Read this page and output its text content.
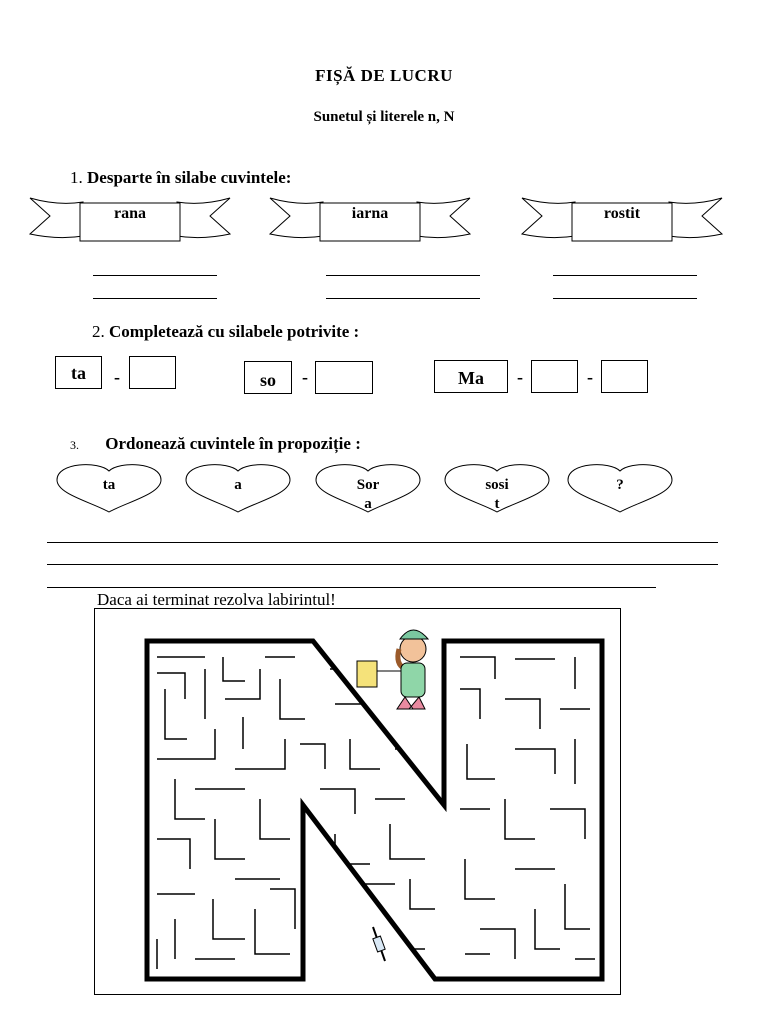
FIȘĂ DE LUCRU
Sunetul și literele n, N
1. Desparte în silabe cuvintele:
rana	iarna	rostit
2. Completează cu silabele potrivite :
ta	-	so	-	Ma	-	-
3. Ordonează cuvintele în propoziție :
ta	a	Sor
a
sosi
t
?
Daca ai terminat rezolva labirintul!
